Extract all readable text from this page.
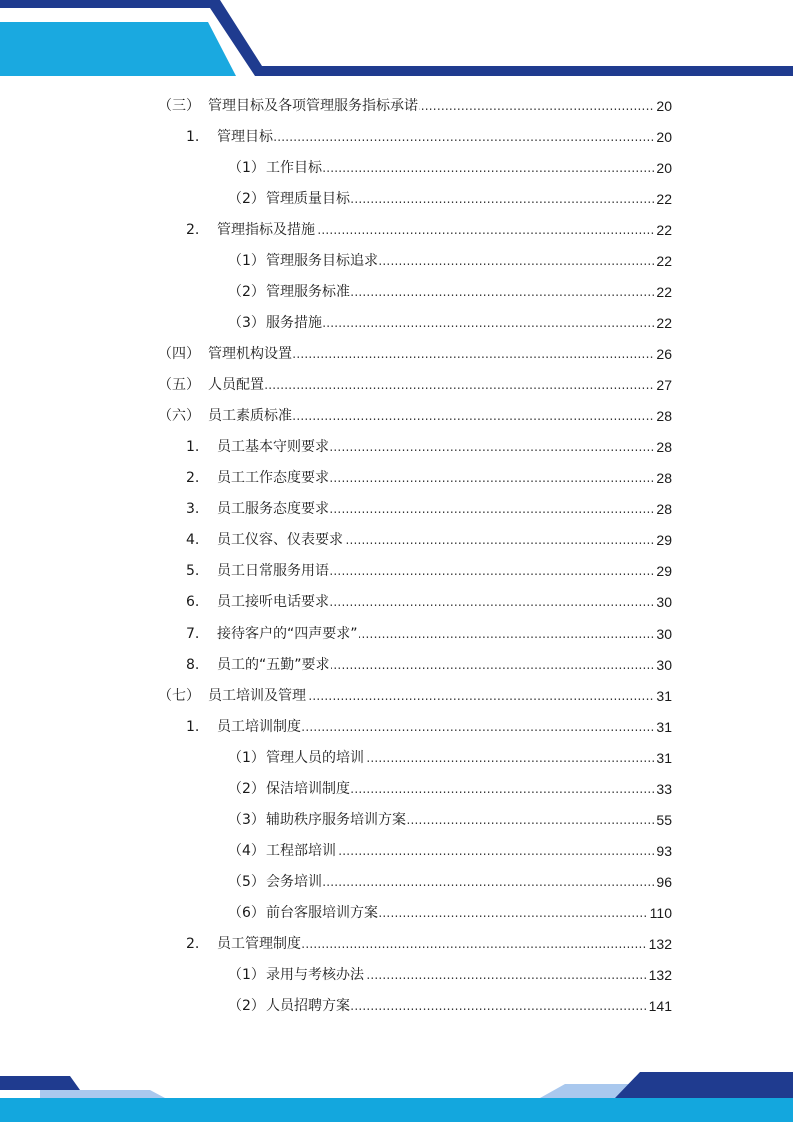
（三） ..... 管理目标及各项管理服务指标承诺	20
1. ..... 管理目标	20
（1） ..... 工作目标	20
（2） ..... 管理质量目标	22
2. ..... 管理指标及措施	22
（1） ..... 管理服务目标追求	22
（2） ..... 管理服务标准	22
（3） ..... 服务措施	22
（四） ..... 管理机构设置	26
（五） ..... 人员配置	27
（六） ..... 员工素质标准	28
1. ..... 员工基本守则要求	28
2. ..... 员工工作态度要求	28
3. ..... 员工服务态度要求	28
4. ..... 员工仪容、仪表要求	29
5. ..... 员工日常服务用语	29
6. ..... 员工接听电话要求	30
7. ..... 接待客户的“四声要求”	30
8. ..... 员工的“五勤”要求	30
（七） ..... 员工培训及管理	31
1. ..... 员工培训制度	31
（1） ..... 管理人员的培训	31
（2） ..... 保洁培训制度	33
（3） ..... 辅助秩序服务培训方案	55
（4） ..... 工程部培训	93
（5） ..... 会务培训	96
（6） ..... 前台客服培训方案	110
2. ..... 员工管理制度	132
（1） ..... 录用与考核办法	132
（2） ..... 人员招聘方案	141
